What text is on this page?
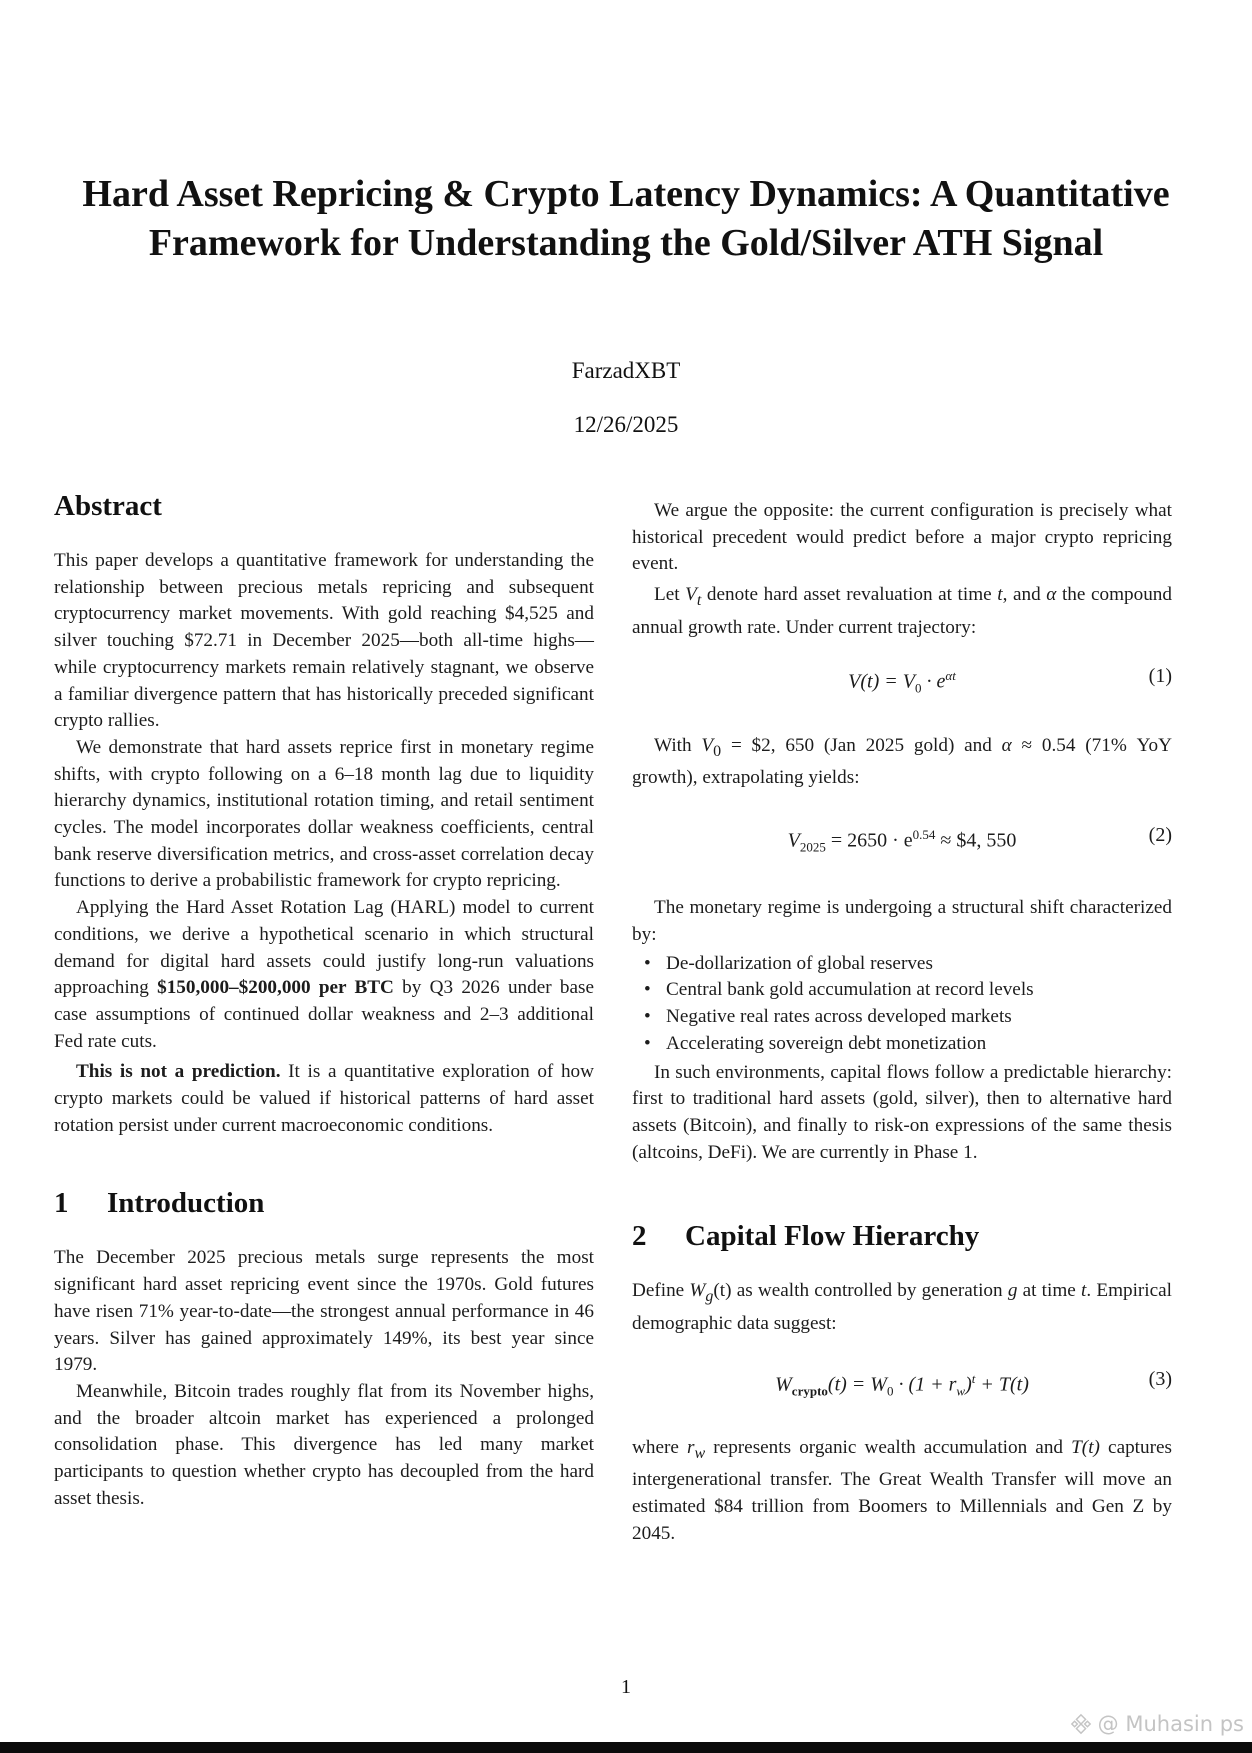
Hard Asset Repricing & Crypto Latency Dynamics: A Quantitative Framework for Understanding the Gold/Silver ATH Signal
FarzadXBT
12/26/2025
Abstract

This paper develops a quantitative framework for understanding the relationship between precious metals repricing and subsequent cryptocurrency market movements. With gold reaching $4,525 and silver touching $72.71 in December 2025—both all-time highs—while cryptocurrency markets remain relatively stagnant, we observe a familiar divergence pattern that has historically preceded significant crypto rallies.

We demonstrate that hard assets reprice first in monetary regime shifts, with crypto following on a 6–18 month lag due to liquidity hierarchy dynamics, institutional rotation timing, and retail sentiment cycles. The model incorporates dollar weakness coefficients, central bank reserve diversification metrics, and cross-asset correlation decay functions to derive a probabilistic framework for crypto repricing.

Applying the Hard Asset Rotation Lag (HARL) model to current conditions, we derive a hypothetical scenario in which structural demand for digital hard assets could justify long-run valuations approaching $150,000–$200,000 per BTC by Q3 2026 under base case assumptions of continued dollar weakness and 2–3 additional Fed rate cuts.

This is not a prediction. It is a quantitative exploration of how crypto markets could be valued if historical patterns of hard asset rotation persist under current macroeconomic conditions.

1	Introduction

The December 2025 precious metals surge represents the most significant hard asset repricing event since the 1970s. Gold futures have risen 71% year-to-date—the strongest annual performance in 46 years. Silver has gained approximately 149%, its best year since 1979.

Meanwhile, Bitcoin trades roughly flat from its November highs, and the broader altcoin market has experienced a prolonged consolidation phase. This divergence has led many market participants to question whether crypto has decoupled from the hard asset thesis.

We argue the opposite: the current configuration is precisely what historical precedent would predict before a major crypto repricing event.

Let $V_t$ denote hard asset revaluation at time t, and α the compound annual growth rate. Under current trajectory:

$V(t) = V_0 \cdot e^{\alpha t}$	(1)

With $V_0$ = $2, 650 (Jan 2025 gold) and α ≈ 0.54 (71% YoY growth), extrapolating yields:

$V_{2025} = 2650 \cdot e^{0.54}$ ≈ $4, 550	(2)

The monetary regime is undergoing a structural shift characterized by:

• De-dollarization of global reserves
• Central bank gold accumulation at record levels
• Negative real rates across developed markets
• Accelerating sovereign debt monetization

In such environments, capital flows follow a predictable hierarchy: first to traditional hard assets (gold, silver), then to alternative hard assets (Bitcoin), and finally to risk-on expressions of the same thesis (altcoins, DeFi). We are currently in Phase 1.

2	Capital Flow Hierarchy

Define $W_g(t)$ as wealth controlled by generation g at time t. Empirical demographic data suggest:

$W_{crypto}(t) = W_0 \cdot (1 + r_w)^t + T(t)$	(3)

where $r_w$ represents organic wealth accumulation and T(t) captures intergenerational transfer. The Great Wealth Transfer will move an estimated $84 trillion from Boomers to Millennials and Gen Z by 2045.

1
@ Muhasin ps
